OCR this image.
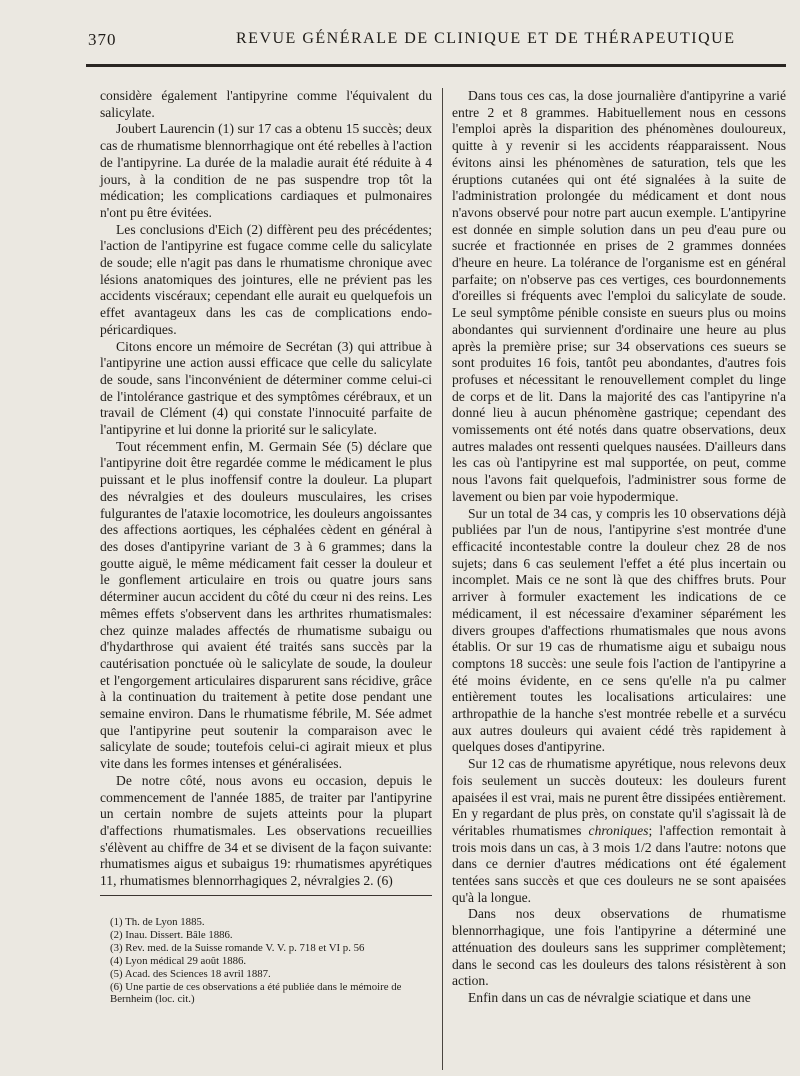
370	REVUE GÉNÉRALE DE CLINIQUE ET DE THÉRAPEUTIQUE

considère également l'antipyrine comme l'équivalent du salicylate.

Joubert Laurencin (1) sur 17 cas a obtenu 15 succès; deux cas de rhumatisme blennorrhagique ont été rebelles à l'action de l'antipyrine. La durée de la maladie aurait été réduite à 4 jours, à la condition de ne pas suspendre trop tôt la médication; les complications cardiaques et pulmonaires n'ont pu être évitées.

Les conclusions d'Eich (2) diffèrent peu des précédentes; l'action de l'antipyrine est fugace comme celle du salicylate de soude; elle n'agit pas dans le rhumatisme chronique avec lésions anatomiques des jointures, elle ne prévient pas les accidents viscéraux; cependant elle aurait eu quelquefois un effet avantageux dans les cas de complications endo-péricardiques.

Citons encore un mémoire de Secrétan (3) qui attribue à l'antipyrine une action aussi efficace que celle du salicylate de soude, sans l'inconvénient de déterminer comme celui-ci de l'intolérance gastrique et des symptômes cérébraux, et un travail de Clément (4) qui constate l'innocuité parfaite de l'antipyrine et lui donne la priorité sur le salicylate.

Tout récemment enfin, M. Germain Sée (5) déclare que l'antipyrine doit être regardée comme le médicament le plus puissant et le plus inoffensif contre la douleur. La plupart des névralgies et des douleurs musculaires, les crises fulgurantes de l'ataxie locomotrice, les douleurs angoissantes des affections aortiques, les céphalées cèdent en général à des doses d'antipyrine variant de 3 à 6 grammes; dans la goutte aiguë, le même médicament fait cesser la douleur et le gonflement articulaire en trois ou quatre jours sans déterminer aucun accident du côté du cœur ni des reins. Les mêmes effets s'observent dans les arthrites rhumatismales: chez quinze malades affectés de rhumatisme subaigu ou d'hydarthrose qui avaient été traités sans succès par la cautérisation ponctuée où le salicylate de soude, la douleur et l'engorgement articulaires disparurent sans récidive, grâce à la continuation du traitement à petite dose pendant une semaine environ. Dans le rhumatisme fébrile, M. Sée admet que l'antipyrine peut soutenir la comparaison avec le salicylate de soude; toutefois celui-ci agirait mieux et plus vite dans les formes intenses et généralisées.

De notre côté, nous avons eu occasion, depuis le commencement de l'année 1885, de traiter par l'antipyrine un certain nombre de sujets atteints pour la plupart d'affections rhumatismales. Les observations recueillies s'élèvent au chiffre de 34 et se divisent de la façon suivante: rhumatismes aigus et subaigus 19: rhumatismes apyrétiques 11, rhumatismes blennorrhagiques 2, névralgies 2. (6)

(1) Th. de Lyon 1885.
(2) Inau. Dissert. Bâle 1886.
(3) Rev. med. de la Suisse romande V. V. p. 718 et VI p. 56
(4) Lyon médical 29 août 1886.
(5) Acad. des Sciences 18 avril 1887.
(6) Une partie de ces observations a été publiée dans le mémoire de Bernheim (loc. cit.)

Dans tous ces cas, la dose journalière d'antipyrine a varié entre 2 et 8 grammes. Habituellement nous en cessons l'emploi après la disparition des phénomènes douloureux, quitte à y revenir si les accidents réapparaissent. Nous évitons ainsi les phénomènes de saturation, tels que les éruptions cutanées qui ont été signalées à la suite de l'administration prolongée du médicament et dont nous n'avons observé pour notre part aucun exemple. L'antipyrine est donnée en simple solution dans un peu d'eau pure ou sucrée et fractionnée en prises de 2 grammes données d'heure en heure. La tolérance de l'organisme est en général parfaite; on n'observe pas ces vertiges, ces bourdonnements d'oreilles si fréquents avec l'emploi du salicylate de soude. Le seul symptôme pénible consiste en sueurs plus ou moins abondantes qui surviennent d'ordinaire une heure au plus après la première prise; sur 34 observations ces sueurs se sont produites 16 fois, tantôt peu abondantes, d'autres fois profuses et nécessitant le renouvellement complet du linge de corps et de lit. Dans la majorité des cas l'antipyrine n'a donné lieu à aucun phénomène gastrique; cependant des vomissements ont été notés dans quatre observations, deux autres malades ont ressenti quelques nausées. D'ailleurs dans les cas où l'antipyrine est mal supportée, on peut, comme nous l'avons fait quelquefois, l'administrer sous forme de lavement ou bien par voie hypodermique.

Sur un total de 34 cas, y compris les 10 observations déjà publiées par l'un de nous, l'antipyrine s'est montrée d'une efficacité incontestable contre la douleur chez 28 de nos sujets; dans 6 cas seulement l'effet a été plus incertain ou incomplet. Mais ce ne sont là que des chiffres bruts. Pour arriver à formuler exactement les indications de ce médicament, il est nécessaire d'examiner séparément les divers groupes d'affections rhumatismales que nous avons établis. Or sur 19 cas de rhumatisme aigu et subaigu nous comptons 18 succès: une seule fois l'action de l'antipyrine a été moins évidente, en ce sens qu'elle n'a pu calmer entièrement toutes les localisations articulaires: une arthropathie de la hanche s'est montrée rebelle et a survécu aux autres douleurs qui avaient cédé très rapidement à quelques doses d'antipyrine.

Sur 12 cas de rhumatisme apyrétique, nous relevons deux fois seulement un succès douteux: les douleurs furent apaisées il est vrai, mais ne purent être dissipées entièrement. En y regardant de plus près, on constate qu'il s'agissait là de véritables rhumatismes chroniques; l'affection remontait à trois mois dans un cas, à 3 mois 1/2 dans l'autre: notons que dans ce dernier d'autres médications ont été également tentées sans succès et que ces douleurs ne se sont apaisées qu'à la longue.

Dans nos deux observations de rhumatisme blennorrhagique, une fois l'antipyrine a déterminé une atténuation des douleurs sans les supprimer complètement; dans le second cas les douleurs des talons résistèrent à son action.

Enfin dans un cas de névralgie sciatique et dans une
